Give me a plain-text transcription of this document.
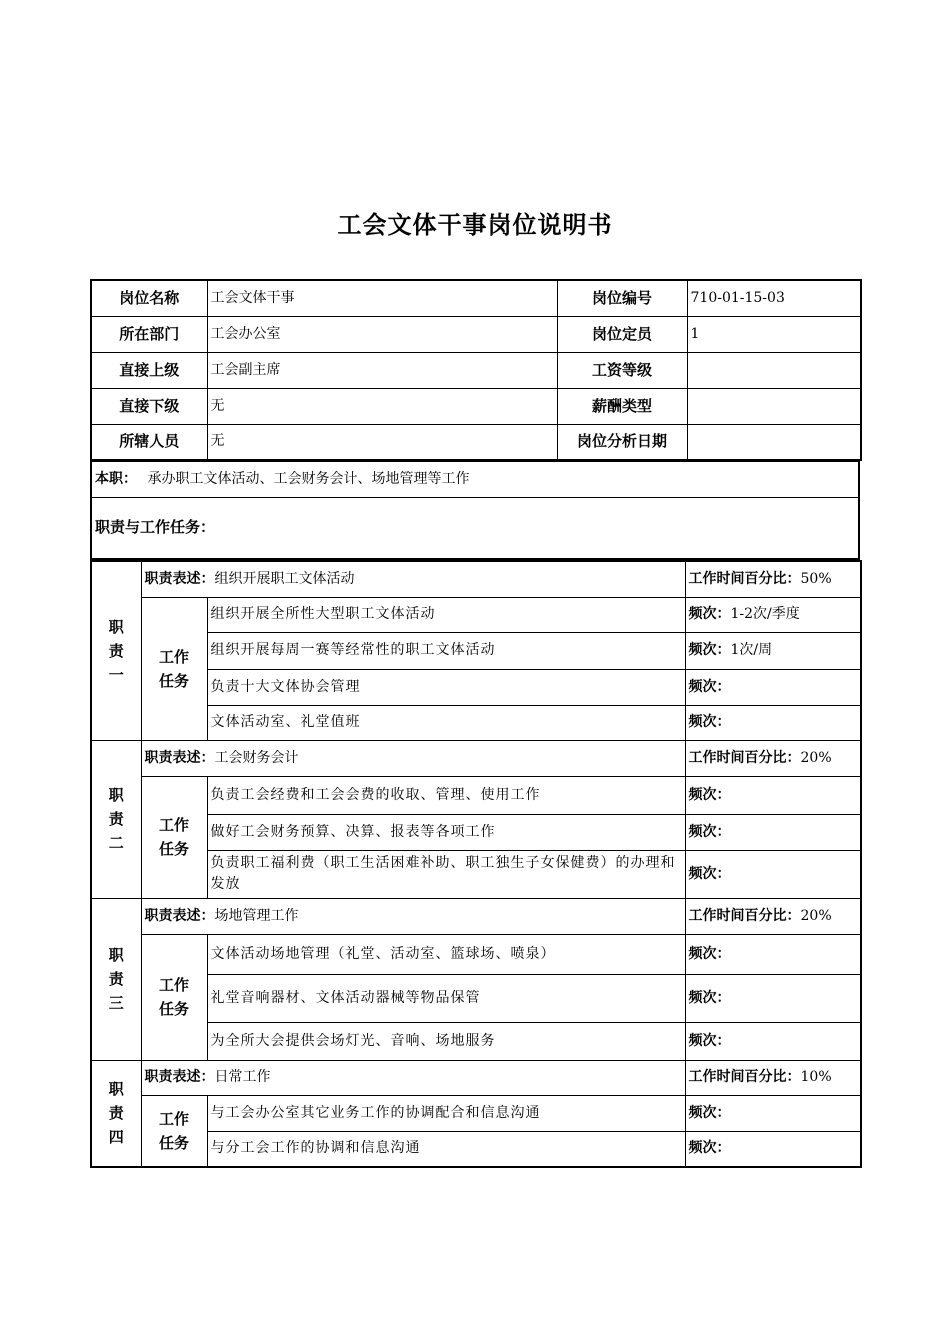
工会文体干事岗位说明书
岗位名称	工会文体干事	岗位编号	710-01-15-03
所在部门	工会办公室	岗位定员	1
直接上级	工会副主席	工资等级	
直接下级	无	薪酬类型	
所辖人员	无	岗位分析日期	
本职： 承办职工文体活动、工会财务会计、场地管理等工作
职责与工作任务：
职
责
一	职责表述：组织开展职工文体活动		工作时间百分比：50%
	工作
任务	组织开展全所性大型职工文体活动	频次：1-2次/季度
		组织开展每周一赛等经常性的职工文体活动	频次：1次/周
		负责十大文体协会管理	频次：
		文体活动室、礼堂值班	频次：
职
责
二	职责表述：工会财务会计		工作时间百分比：20%
	工作
任务	负责工会经费和工会会费的收取、管理、使用工作	频次：
		做好工会财务预算、决算、报表等各项工作	频次：
		负责职工福利费（职工生活困难补助、职工独生子女保健费）的办理和发放	频次：
职
责
三	职责表述：场地管理工作		工作时间百分比：20%
	工作
任务	文体活动场地管理（礼堂、活动室、篮球场、喷泉）	频次：
		礼堂音响器材、文体活动器械等物品保管	频次：
		为全所大会提供会场灯光、音响、场地服务	频次：
职
责
四	职责表述：日常工作		工作时间百分比：10%
	工作
任务	与工会办公室其它业务工作的协调配合和信息沟通	频次：
		与分工会工作的协调和信息沟通	频次：
